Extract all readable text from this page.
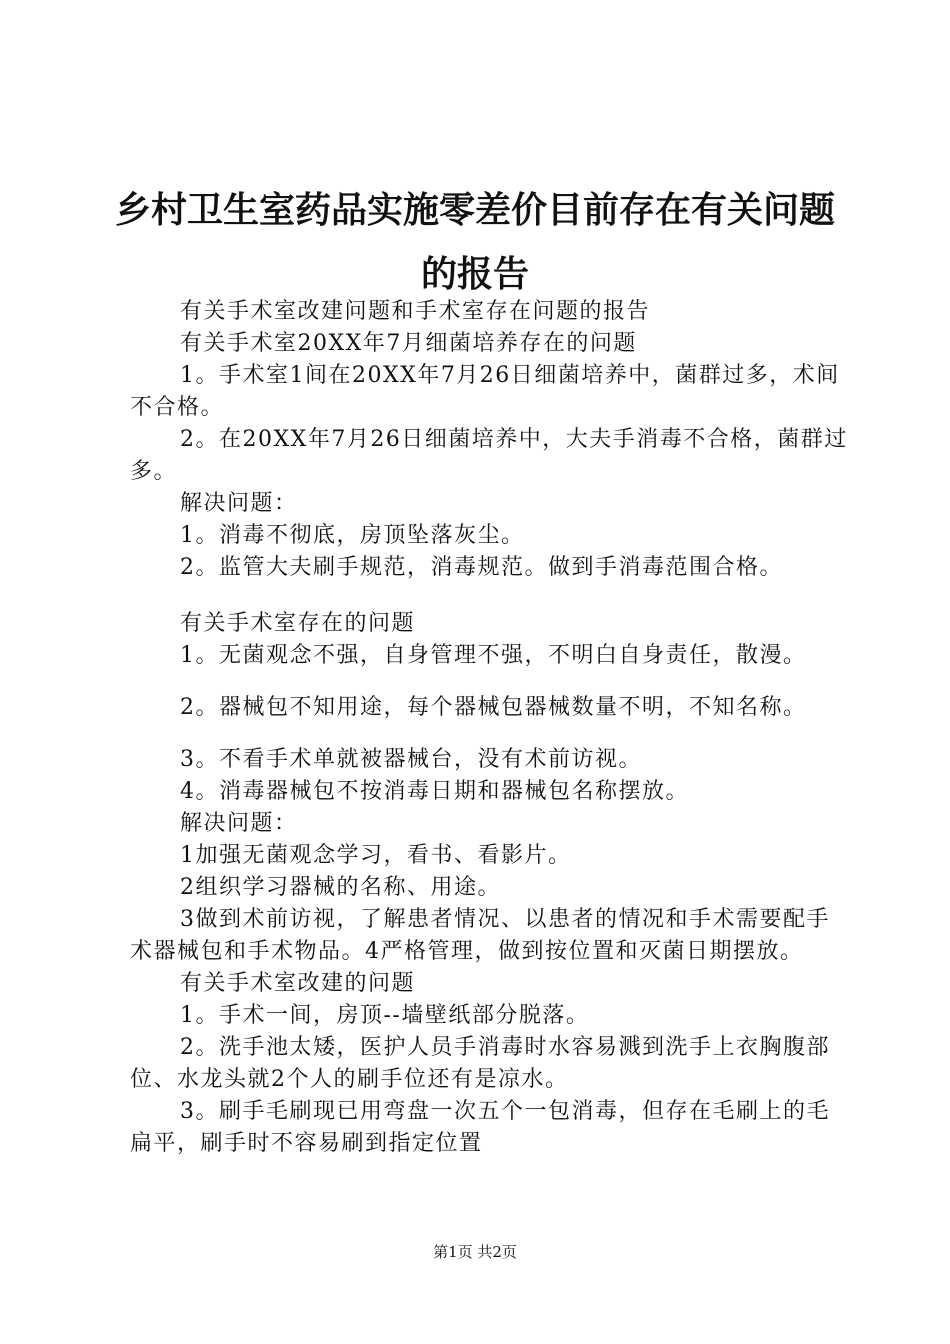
乡村卫生室药品实施零差价目前存在有关问题
的报告

有关手术室改建问题和手术室存在问题的报告

有关手术室20XX年7月细菌培养存在的问题

1。手术室1间在20XX年7月26日细菌培养中，菌群过多，术间不合格。

2。在20XX年7月26日细菌培养中，大夫手消毒不合格，菌群过多。

解决问题：

1。消毒不彻底，房顶坠落灰尘。

2。监管大夫刷手规范，消毒规范。做到手消毒范围合格。

有关手术室存在的问题

1。无菌观念不强，自身管理不强，不明白自身责任，散漫。

2。器械包不知用途，每个器械包器械数量不明，不知名称。

3。不看手术单就被器械台，没有术前访视。

4。消毒器械包不按消毒日期和器械包名称摆放。

解决问题：

1加强无菌观念学习，看书、看影片。

2组织学习器械的名称、用途。

3做到术前访视，了解患者情况、以患者的情况和手术需要配手术器械包和手术物品。4严格管理，做到按位置和灭菌日期摆放。

有关手术室改建的问题

1。手术一间，房顶--墙壁纸部分脱落。

2。洗手池太矮，医护人员手消毒时水容易溅到洗手上衣胸腹部位、水龙头就2个人的刷手位还有是凉水。

3。刷手毛刷现已用弯盘一次五个一包消毒，但存在毛刷上的毛扁平，刷手时不容易刷到指定位置

第1页 共2页
